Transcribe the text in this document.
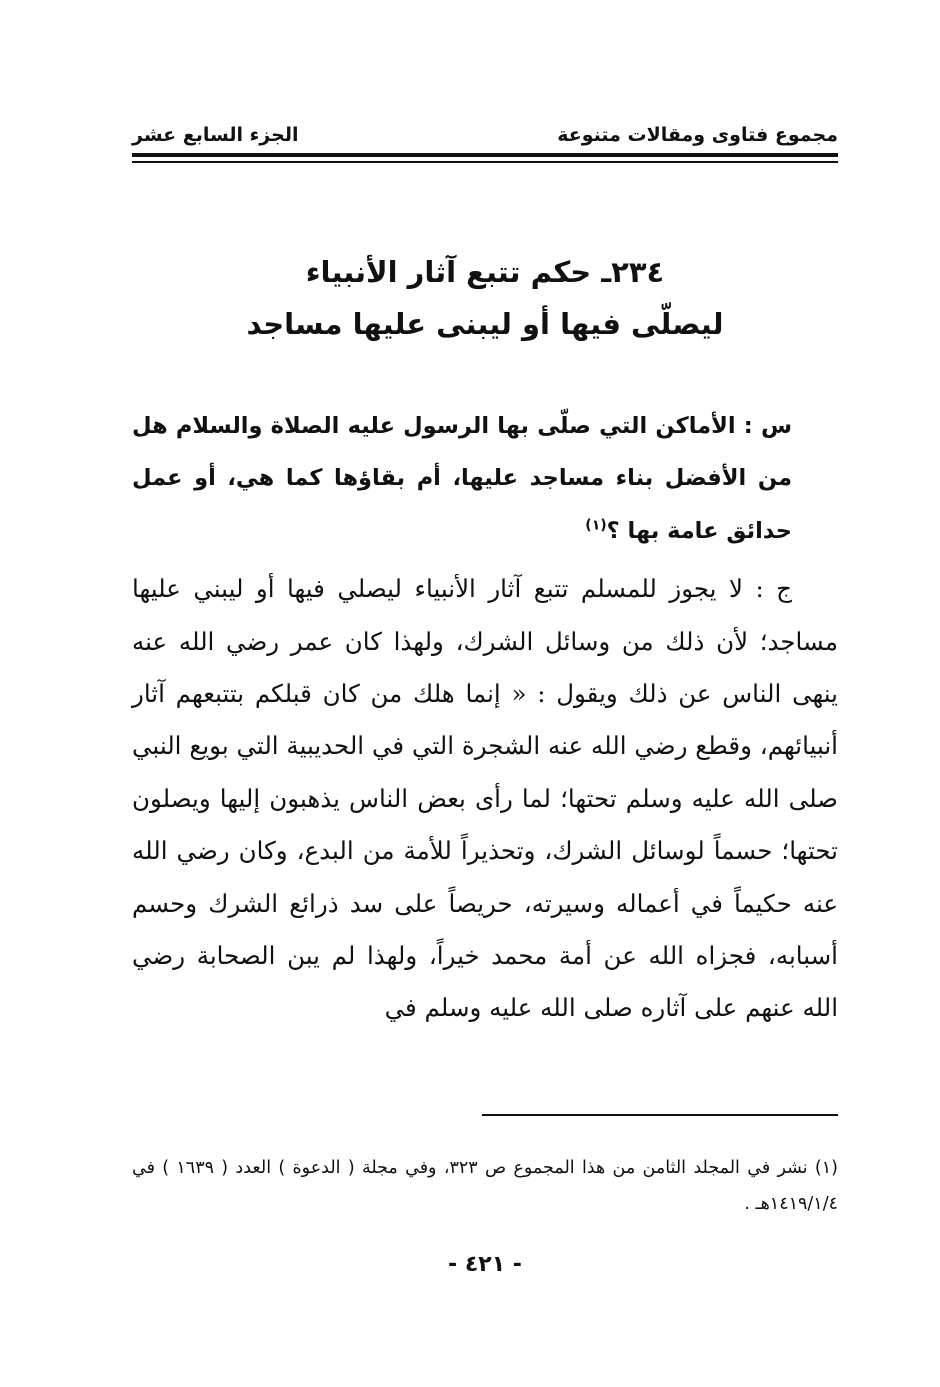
مجموع فتاوى ومقالات متنوعة
الجزء السابع عشر
٢٣٤ـ حكم تتبع آثار الأنبياء
ليصلّى فيها أو ليبنى عليها مساجد

س : الأماكن التي صلّى بها الرسول عليه الصلاة والسلام هل من الأفضل بناء مساجد عليها، أم بقاؤها كما هي، أو عمل حدائق عامة بها ؟$^{(١)}$

ج : لا يجوز للمسلم تتبع آثار الأنبياء ليصلي فيها أو ليبني عليها مساجد؛ لأن ذلك من وسائل الشرك، ولهذا كان عمر رضي الله عنه ينهى الناس عن ذلك ويقول : « إنما هلك من كان قبلكم بتتبعهم آثار أنبيائهم، وقطع رضي الله عنه الشجرة التي في الحديبية التي بويع النبي صلى الله عليه وسلم تحتها؛ لما رأى بعض الناس يذهبون إليها ويصلون تحتها؛ حسماً لوسائل الشرك، وتحذيراً للأمة من البدع، وكان رضي الله عنه حكيماً في أعماله وسيرته، حريصاً على سد ذرائع الشرك وحسم أسبابه، فجزاه الله عن أمة محمد خيراً، ولهذا لم يبن الصحابة رضي الله عنهم على آثاره صلى الله عليه وسلم في

(١) نشر في المجلد الثامن من هذا المجموع ص ٣٢٣، وفي مجلة ( الدعوة ) العدد ( ١٦٣٩ ) في ١٤١٩/١/٤هـ .
- ٤٢١ -
